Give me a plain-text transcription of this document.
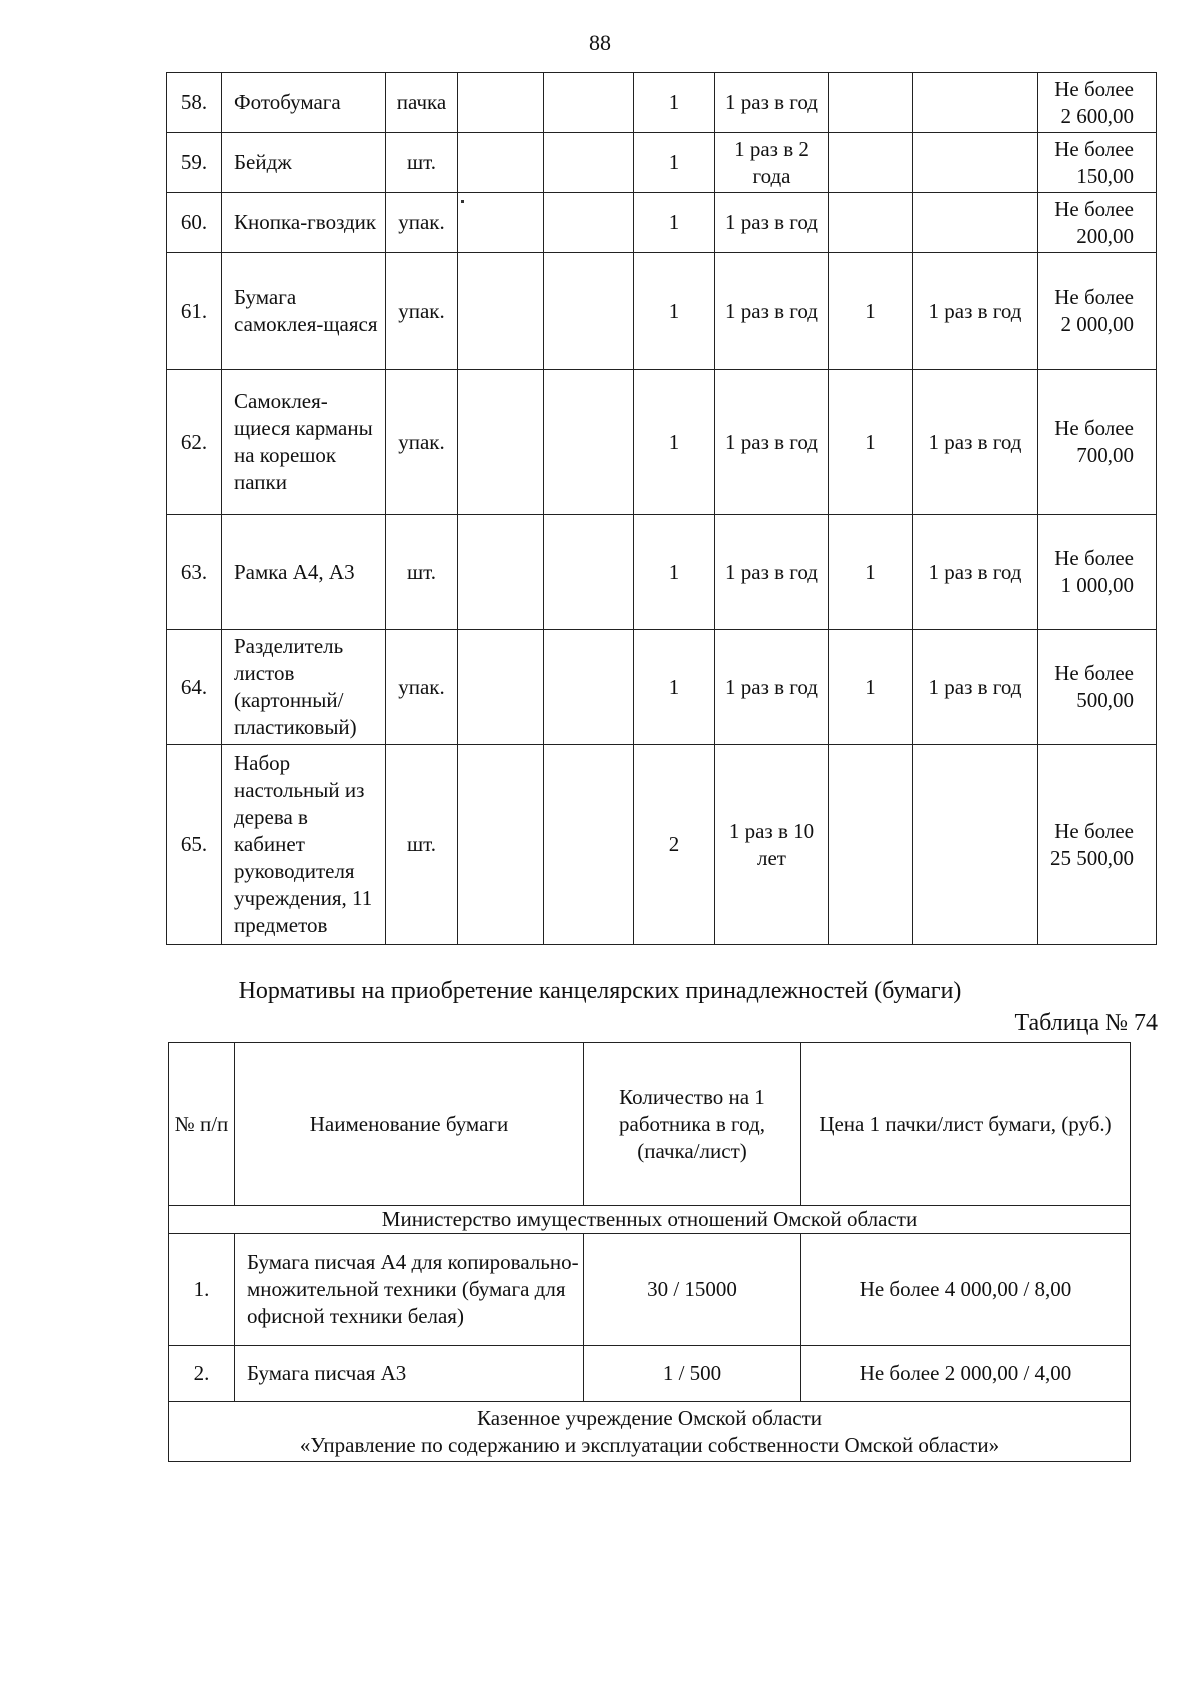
88
58.	Фотобумага	пачка			1	1 раз в год			Не более 2 600,00
59.	Бейдж	шт.			1	1 раз в 2 года			Не более 150,00
60.	Кнопка-гвоздик	упак.			1	1 раз в год			Не более 200,00
61.	Бумага самоклея-щаяся	упак.			1	1 раз в год	1	1 раз в год	Не более 2 000,00
62.	Самоклея-щиеся карманы на корешок папки	упак.			1	1 раз в год	1	1 раз в год	Не более 700,00
63.	Рамка А4, А3	шт.			1	1 раз в год	1	1 раз в год	Не более 1 000,00
64.	Разделитель листов (картонный/ пластиковый)	упак.			1	1 раз в год	1	1 раз в год	Не более 500,00
65.	Набор настольный из дерева в кабинет руководителя учреждения, 11 предметов	шт.			2	1 раз в 10 лет			Не более 25 500,00
Нормативы на приобретение канцелярских принадлежностей (бумаги)
Таблица № 74
№ п/п	Наименование бумаги	Количество на 1 работника в год, (пачка/лист)	Цена 1 пачки/лист бумаги, (руб.)
Министерство имущественных отношений Омской области			
1.	Бумага писчая А4 для копировально-множительной техники (бумага для офисной техники белая)	30 / 15000	Не более 4 000,00 / 8,00
2.	Бумага писчая А3	1 / 500	Не более 2 000,00 / 4,00
Казенное учреждение Омской области
«Управление по содержанию и эксплуатации собственности Омской области»			
